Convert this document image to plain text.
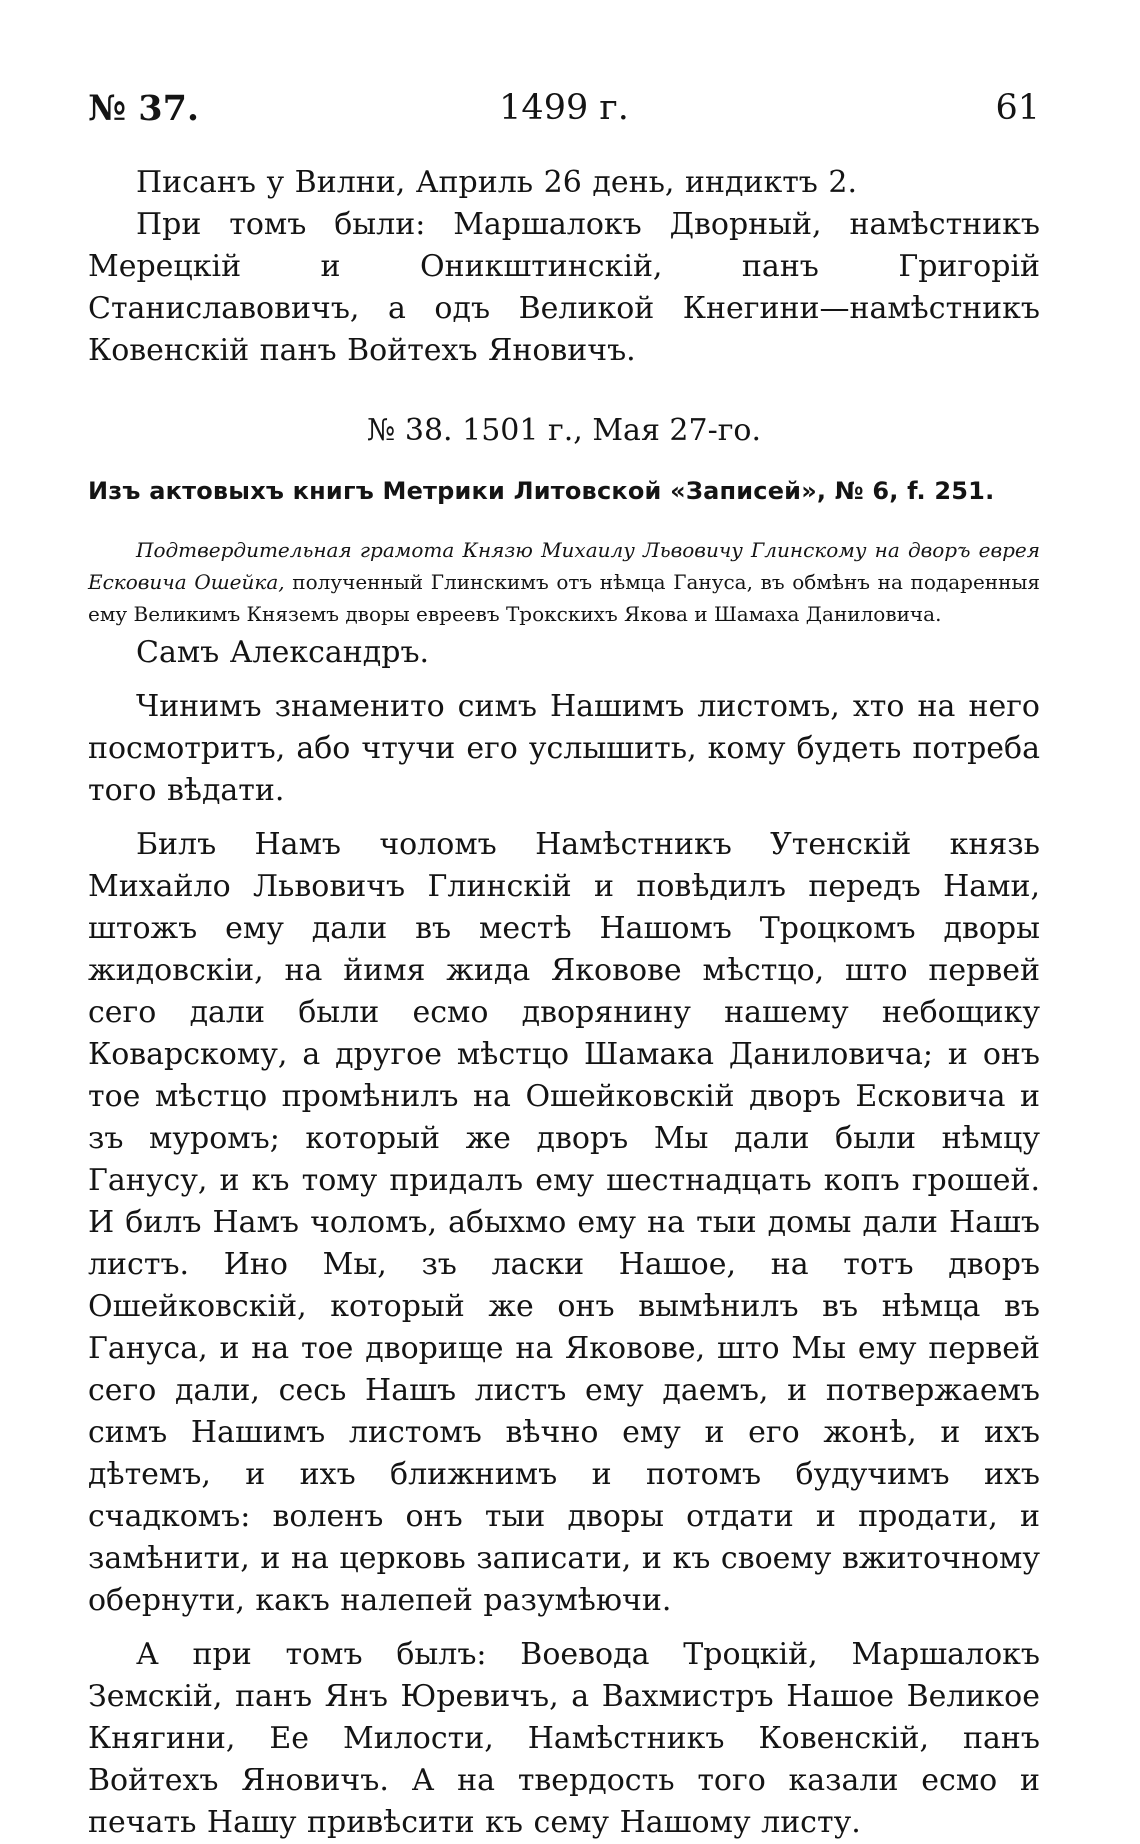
№ 37.	1499 г.	61

Писанъ у Вилни, Априль 26 день, индиктъ 2.

При томъ были: Маршалокъ Дворный, намѣстникъ Мерецкій и Оникштинскій, панъ Григорій Станиславовичъ, а одъ Великой Кнегини—намѣстникъ Ковенскій панъ Войтехъ Яновичъ.

№ 38. 1501 г., Мая 27-го.
Изъ актовыхъ книгъ Метрики Литовской «Записей», № 6, f. 251.
Подтвердительная грамота Князю Михаилу Львовичу Глинскому на дворъ еврея Есковича Ошейка, полученный Глинскимъ отъ нѣмца Гануса, въ обмѣнъ на подаренныя ему Великимъ Княземъ дворы евреевъ Трокскихъ Якова и Шамаха Даниловича.

Самъ Александръ.

Чинимъ знаменито симъ Нашимъ листомъ, хто на него посмотритъ, або чтучи его услышить, кому будеть потреба того вѣдати.

Билъ Намъ чоломъ Намѣстникъ Утенскій князь Михайло Львовичъ Глинскій и повѣдилъ передъ Нами, штожъ ему дали въ местѣ Нашомъ Троцкомъ дворы жидовскіи, на йимя жида Яковове мѣстцо, што первей сего дали были есмо дворянину нашему небощику Коварскому, а другое мѣстцо Шамака Даниловича; и онъ тое мѣстцо промѣнилъ на Ошейковскій дворъ Есковича и зъ муромъ; который же дворъ Мы дали были нѣмцу Ганусу, и къ тому придалъ ему шестнадцать копъ грошей. И билъ Намъ чоломъ, абыхмо ему на тыи домы дали Нашъ листъ. Ино Мы, зъ ласки Нашое, на тотъ дворъ Ошейковскій, который же онъ вымѣнилъ въ нѣмца въ Гануса, и на тое дворище на Яковове, што Мы ему первей сего дали, сесь Нашъ листъ ему даемъ, и потвержаемъ симъ Нашимъ листомъ вѣчно ему и его жонѣ, и ихъ дѣтемъ, и ихъ ближнимъ и потомъ будучимъ ихъ счадкомъ: воленъ онъ тыи дворы отдати и продати, и замѣнити, и на церковь записати, и къ своему вжиточному обернути, какъ налепей разумѣючи.

А при томъ былъ: Воевода Троцкій, Маршалокъ Земскій, панъ Янъ Юревичъ, а Вахмистръ Нашое Великое Княгини, Ее Милости, Намѣстникъ Ковенскій, панъ Войтехъ Яновичъ. А на твердость того казали есмо и печать Нашу привѣсити къ сему Нашому листу.
